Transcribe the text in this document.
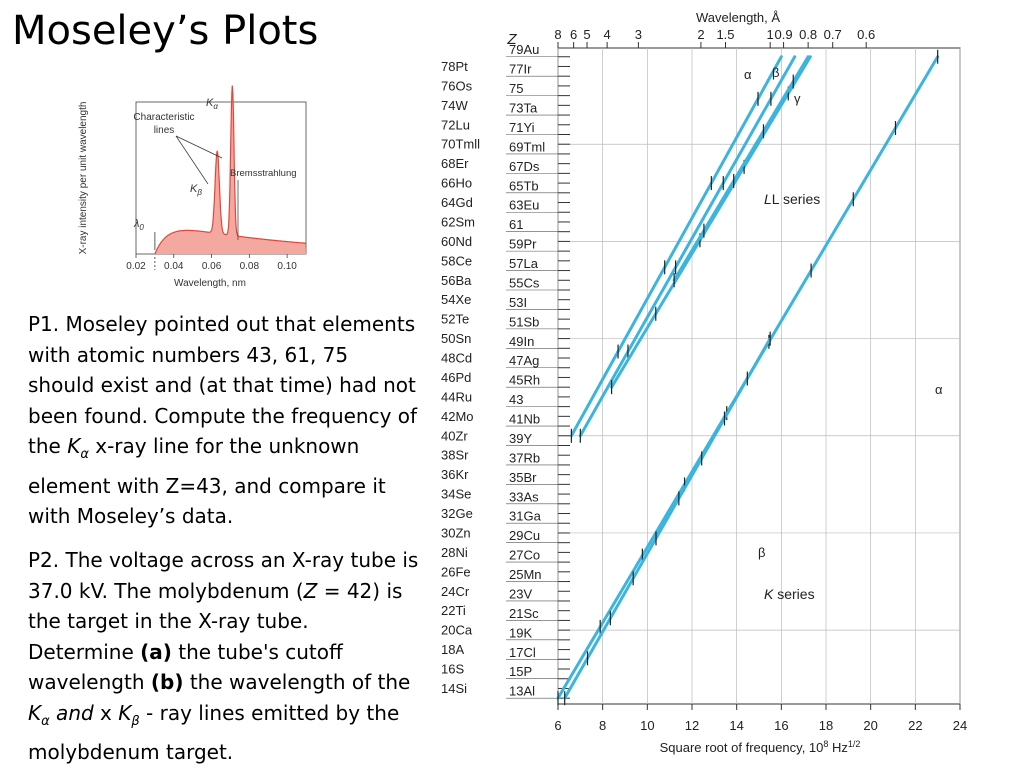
Moseley’s Plots
P1. Moseley pointed out that elements with atomic numbers 43, 61, 75 should exist and (at that time) had not been found. Compute the frequency of the $K_\alpha$ x-ray line for the unknown element with Z=43, and compare it with Moseley’s data.
P2. The voltage across an X-ray tube is 37.0 kV. The molybdenum (Z = 42) is the target in the X-ray tube. Determine (a) the tube's cutoff wavelength (b) the wavelength of the $K_\alpha$ and x $K_\beta$ - ray lines emitted by the molybdenum target.
0.02 0.04 0.06 0.08 0.10
Wavelength, nm
X-ray intensity per unit wavelength	Characteristic
lines
Bremsstrahlung
$K_\alpha$
$K_\beta$
$\lambda_0$
Wavelength, Å
Z
6	8	10 12 14 16 18 20 22 24
8 6 5 4 3	2 1.5 1 0.9 0.8 0.7 0.6
78Pt
76Os
74W
72Lu
70Tmll
68Er
66Ho
64Gd
62Sm
60Nd
58Ce
56Ba
54Xe
52Te
50Sn
48Cd
46Pd
44Ru
42Mo
40Zr
38Sr
36Kr
34Se
32Ge
30Zn
28Ni
26Fe
24Cr
22Ti
20Ca
18A
16S
14Si
79Au
77Ir
75
73Ta
71Yi
69Tml
67Ds
65Tb
63Eu
61
59Pr
57La
55Cs
53I
51Sb
49In
47Ag
45Rh
43
41Nb
39Y
37Rb
35Br
33As
31Ga
29Cu
27Co
25Mn
23V
21Sc
19K
17Cl
15P
13Al
Square root of frequency, $10^8$ $Hz^{1/2}$
LL series
K series
α β
γ
α
β
